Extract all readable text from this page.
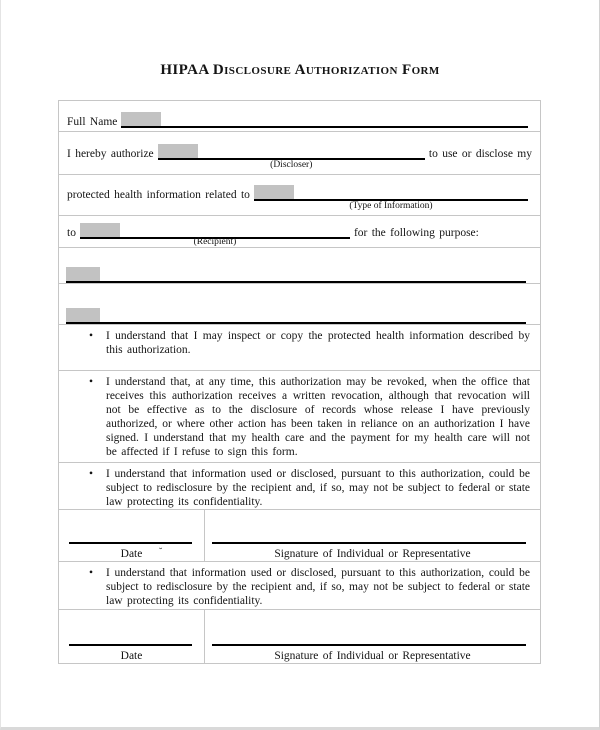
HIPAA Disclosure Authorization Form
Full Name
I hereby authorize	to use or disclose my
(Discloser)
protected health information related to
(Type of Information)
to	for the following purpose:
(Recipient)
• I understand that I may inspect or copy the protected health information described by this authorization.
• I understand that, at any time, this authorization may be revoked, when the office that receives this authorization receives a written revocation, although that revocation will not be effective as to the disclosure of records whose release I have previously authorized, or where other action has been taken in reliance on an authorization I have signed. I understand that my health care and the payment for my health care will not be affected if I refuse to sign this form.
• I understand that information used or disclosed, pursuant to this authorization, could be subject to redisclosure by the recipient and, if so, may not be subject to federal or state law protecting its confidentiality.
Date	˘	Signature of Individual or Representative
• I understand that information used or disclosed, pursuant to this authorization, could be subject to redisclosure by the recipient and, if so, may not be subject to federal or state law protecting its confidentiality.
Date	Signature of Individual or Representative
